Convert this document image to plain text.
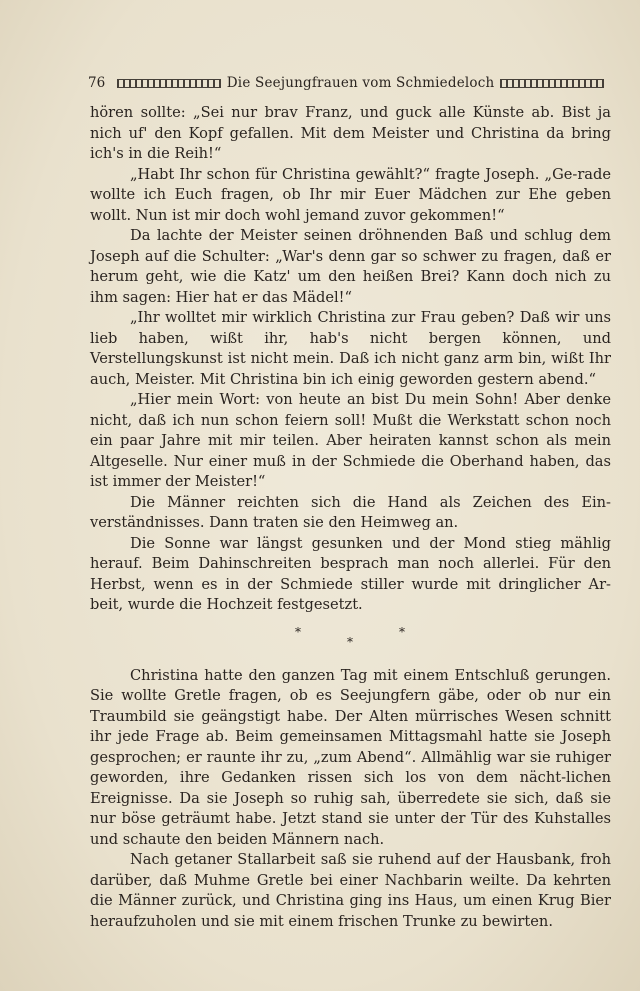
76	Die Seejungfrauen vom Schmiedeloch

hören sollte: „Sei nur brav Franz, und guck alle Künste ab. Bist ja nich uf' den Kopf gefallen. Mit dem Meister und Christina da bring ich's in die Reih!“

„Habt Ihr schon für Christina gewählt?“ fragte Joseph. „Ge-rade wollte ich Euch fragen, ob Ihr mir Euer Mädchen zur Ehe geben wollt. Nun ist mir doch wohl jemand zuvor gekommen!“

Da lachte der Meister seinen dröhnenden Baß und schlug dem Joseph auf die Schulter: „War's denn gar so schwer zu fragen, daß er herum geht, wie die Katz' um den heißen Brei? Kann doch nich zu ihm sagen: Hier hat er das Mädel!“

„Ihr wolltet mir wirklich Christina zur Frau geben? Daß wir uns lieb haben, wißt ihr, hab's nicht bergen können, und Verstellungskunst ist nicht mein. Daß ich nicht ganz arm bin, wißt Ihr auch, Meister. Mit Christina bin ich einig geworden gestern abend.“

„Hier mein Wort: von heute an bist Du mein Sohn! Aber denke nicht, daß ich nun schon feiern soll! Mußt die Werkstatt schon noch ein paar Jahre mit mir teilen. Aber heiraten kannst schon als mein Altgeselle. Nur einer muß in der Schmiede die Oberhand haben, das ist immer der Meister!“

Die Männer reichten sich die Hand als Zeichen des Ein-verständnisses. Dann traten sie den Heimweg an.

Die Sonne war längst gesunken und der Mond stieg mählig herauf. Beim Dahinschreiten besprach man noch allerlei. Für den Herbst, wenn es in der Schmiede stiller wurde mit dringlicher Ar-beit, wurde die Hochzeit festgesetzt.

*
*
*

Christina hatte den ganzen Tag mit einem Entschluß gerungen. Sie wollte Gretle fragen, ob es Seejungfern gäbe, oder ob nur ein Traumbild sie geängstigt habe. Der Alten mürrisches Wesen schnitt ihr jede Frage ab. Beim gemeinsamen Mittagsmahl hatte sie Joseph gesprochen; er raunte ihr zu, „zum Abend“. Allmählig war sie ruhiger geworden, ihre Gedanken rissen sich los von dem nächt-lichen Ereignisse. Da sie Joseph so ruhig sah, überredete sie sich, daß sie nur böse geträumt habe. Jetzt stand sie unter der Tür des Kuhstalles und schaute den beiden Männern nach.

Nach getaner Stallarbeit saß sie ruhend auf der Hausbank, froh darüber, daß Muhme Gretle bei einer Nachbarin weilte. Da kehrten die Männer zurück, und Christina ging ins Haus, um einen Krug Bier heraufzuholen und sie mit einem frischen Trunke zu bewirten.
